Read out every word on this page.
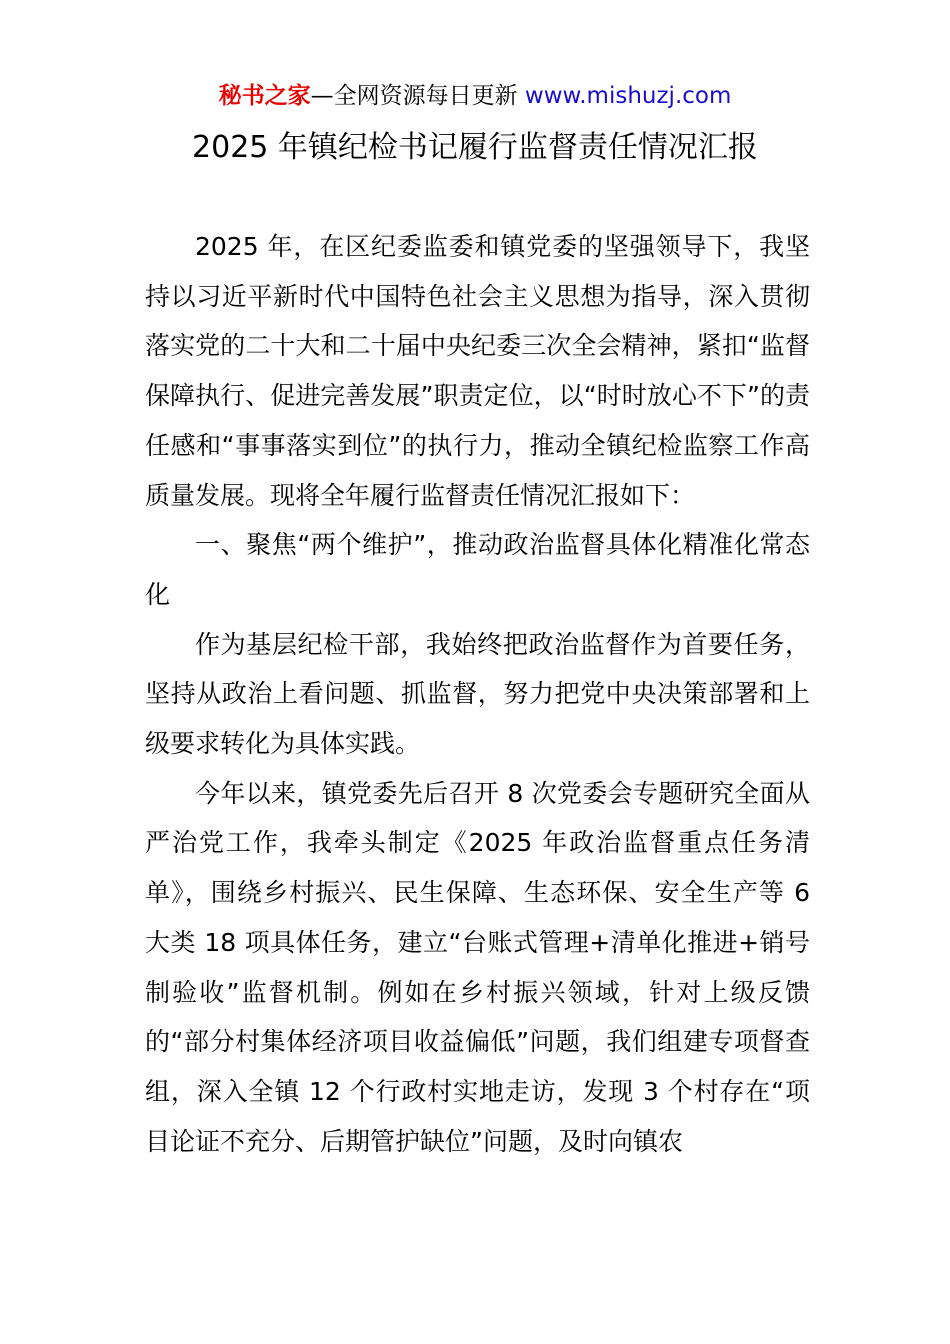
秘书之家—全网资源每日更新 www.mishuzj.com
2025 年镇纪检书记履行监督责任情况汇报

2025 年，在区纪委监委和镇党委的坚强领导下，我坚持以习近平新时代中国特色社会主义思想为指导，深入贯彻落实党的二十大和二十届中央纪委三次全会精神，紧扣“监督保障执行、促进完善发展”职责定位，以“时时放心不下”的责任感和“事事落实到位”的执行力，推动全镇纪检监察工作高质量发展。现将全年履行监督责任情况汇报如下：

一、聚焦“两个维护”，推动政治监督具体化精准化常态化

作为基层纪检干部，我始终把政治监督作为首要任务，坚持从政治上看问题、抓监督，努力把党中央决策部署和上级要求转化为具体实践。

今年以来，镇党委先后召开 8 次党委会专题研究全面从严治党工作，我牵头制定《2025 年政治监督重点任务清单》，围绕乡村振兴、民生保障、生态环保、安全生产等 6 大类 18 项具体任务，建立“台账式管理+清单化推进+销号制验收”监督机制。例如在乡村振兴领域，针对上级反馈的“部分村集体经济项目收益偏低”问题，我们组建专项督查组，深入全镇 12 个行政村实地走访，发现 3 个村存在“项目论证不充分、后期管护缺位”问题，及时向镇农
